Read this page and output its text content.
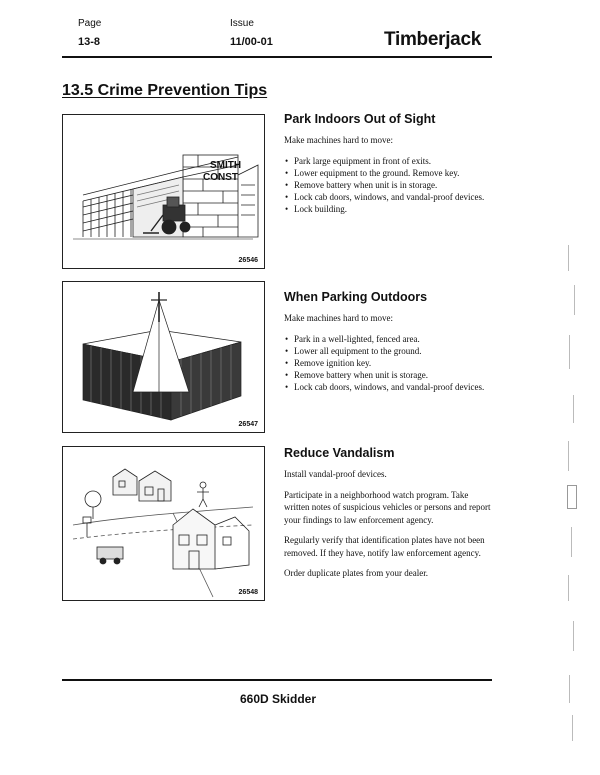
Page
13-8
Issue
11/00-01	Timberjack
13.5 Crime Prevention Tips
SMITH
CONST
26546
26547
26548
Park Indoors Out of Sight

Make machines hard to move:

• Park large equipment in front of exits.
• Lower equipment to the ground. Remove key.
• Remove battery when unit is in storage.
• Lock cab doors, windows, and vandal-proof devices.
• Lock building.
When Parking Outdoors

Make machines hard to move:

• Park in a well-lighted, fenced area.
• Lower all equipment to the ground.
• Remove ignition key.
• Remove battery when unit is storage.
• Lock cab doors, windows, and vandal-proof devices.
Reduce Vandalism

Install vandal-proof devices.

Participate in a neighborhood watch program. Take written notes of suspicious vehicles or persons and report your findings to law enforcement agency.

Regularly verify that identification plates have not been removed. If they have, notify law enforcement agency.

Order duplicate plates from your dealer.

660D Skidder
